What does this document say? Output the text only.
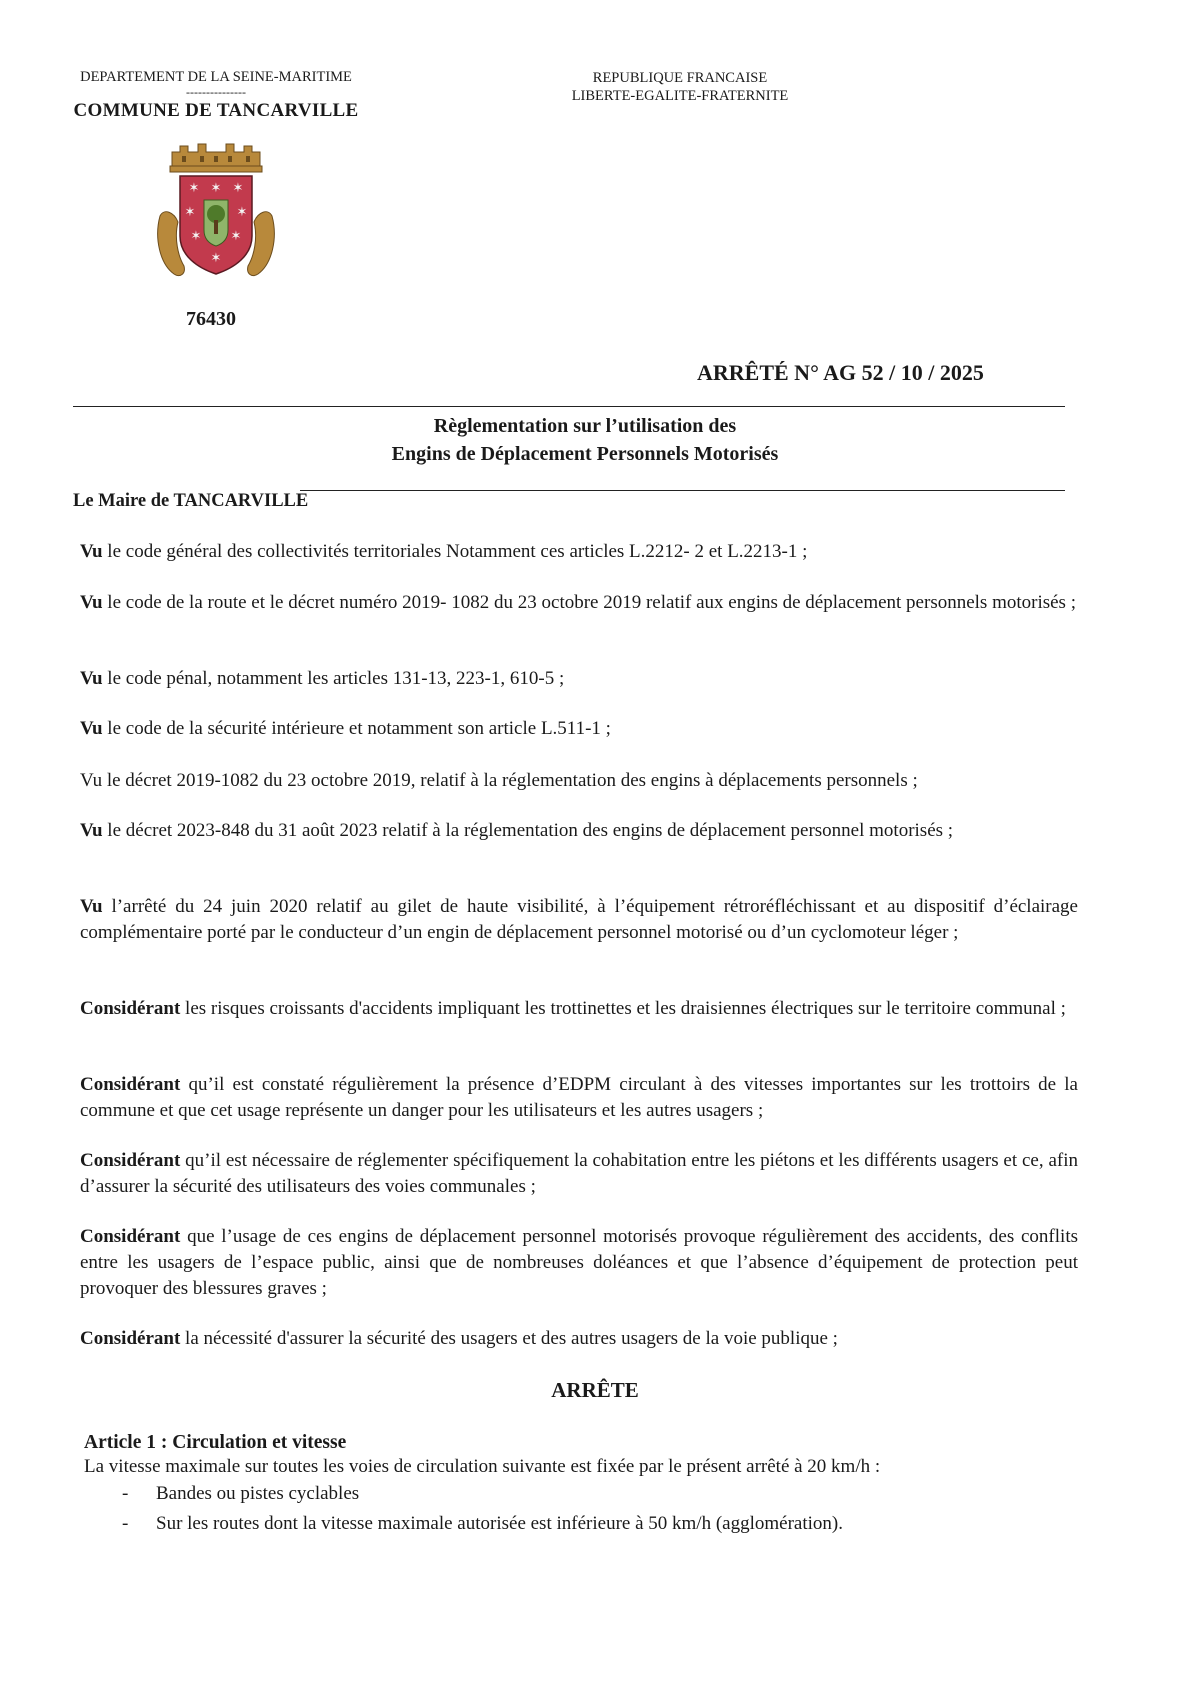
DEPARTEMENT DE LA SEINE-MARITIME
---------------
COMMUNE DE TANCARVILLE
REPUBLIQUE FRANCAISE
LIBERTE-EGALITE-FRATERNITE
✶ ✶ ✶
✶	✶
✶ ✶
✶
76430
ARRÊTÉ N° AG 52 / 10 / 2025
Règlementation sur l’utilisation des
Engins de Déplacement Personnels Motorisés
Le Maire de TANCARVILLE
Vu le code général des collectivités territoriales Notamment ces articles L.2212- 2 et L.2213-1 ;
Vu le code de la route et le décret numéro 2019- 1082 du 23 octobre 2019 relatif aux engins de déplacement personnels motorisés ;
Vu le code pénal, notamment les articles 131-13, 223-1, 610-5 ;
Vu le code de la sécurité intérieure et notamment son article L.511-1 ;
Vu le décret 2019-1082 du 23 octobre 2019, relatif à la réglementation des engins à déplacements personnels ;
Vu le décret 2023-848 du 31 août 2023 relatif à la réglementation des engins de déplacement personnel motorisés ;
Vu l’arrêté du 24 juin 2020 relatif au gilet de haute visibilité, à l’équipement rétroréfléchissant et au dispositif d’éclairage complémentaire porté par le conducteur d’un engin de déplacement personnel motorisé ou d’un cyclomoteur léger ;
Considérant les risques croissants d'accidents impliquant les trottinettes et les draisiennes électriques sur le territoire communal ;
Considérant qu’il est constaté régulièrement la présence d’EDPM circulant à des vitesses importantes sur les trottoirs de la commune et que cet usage représente un danger pour les utilisateurs et les autres usagers ;
Considérant qu’il est nécessaire de réglementer spécifiquement la cohabitation entre les piétons et les différents usagers et ce, afin d’assurer la sécurité des utilisateurs des voies communales ;
Considérant que l’usage de ces engins de déplacement personnel motorisés provoque régulièrement des accidents, des conflits entre les usagers de l’espace public, ainsi que de nombreuses doléances et que l’absence d’équipement de protection peut provoquer des blessures graves ;
Considérant la nécessité d'assurer la sécurité des usagers et des autres usagers de la voie publique ;
ARRÊTE
Article 1 : Circulation et vitesse
La vitesse maximale sur toutes les voies de circulation suivante est fixée par le présent arrêté à 20 km/h :
- Bandes ou pistes cyclables
- Sur les routes dont la vitesse maximale autorisée est inférieure à 50 km/h (agglomération).
